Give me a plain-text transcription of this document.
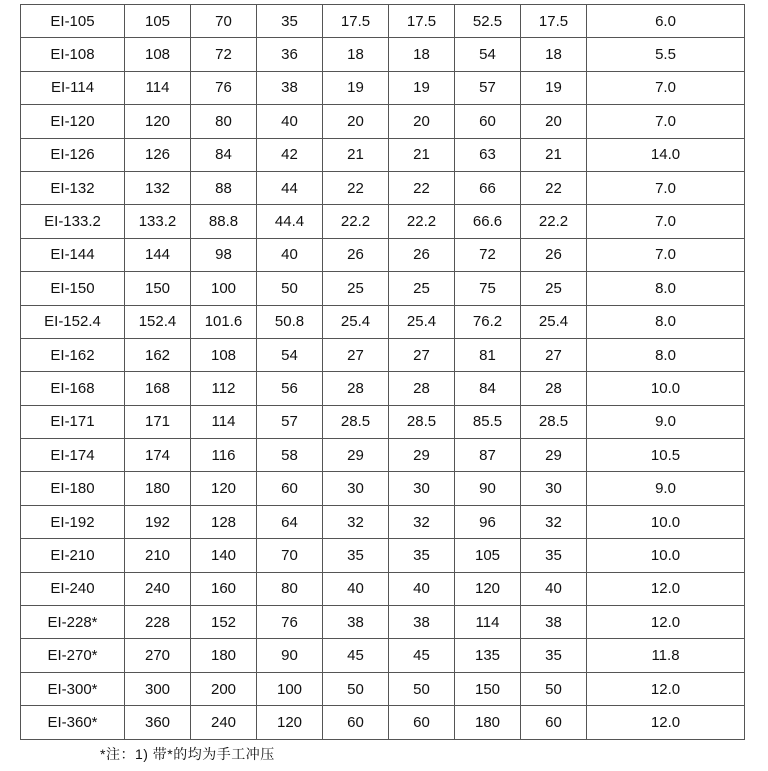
EI-105	105	70	35	17.5	17.5	52.5	17.5	6.0
EI-108	108	72	36	18	18	54	18	5.5
EI-114	114	76	38	19	19	57	19	7.0
EI-120	120	80	40	20	20	60	20	7.0
EI-126	126	84	42	21	21	63	21	14.0
EI-132	132	88	44	22	22	66	22	7.0
EI-133.2	133.2	88.8	44.4	22.2	22.2	66.6	22.2	7.0
EI-144	144	98	40	26	26	72	26	7.0
EI-150	150	100	50	25	25	75	25	8.0
EI-152.4	152.4	101.6	50.8	25.4	25.4	76.2	25.4	8.0
EI-162	162	108	54	27	27	81	27	8.0
EI-168	168	112	56	28	28	84	28	10.0
EI-171	171	114	57	28.5	28.5	85.5	28.5	9.0
EI-174	174	116	58	29	29	87	29	10.5
EI-180	180	120	60	30	30	90	30	9.0
EI-192	192	128	64	32	32	96	32	10.0
EI-210	210	140	70	35	35	105	35	10.0
EI-240	240	160	80	40	40	120	40	12.0
EI-228*	228	152	76	38	38	114	38	12.0
EI-270*	270	180	90	45	45	135	35	11.8
EI-300*	300	200	100	50	50	150	50	12.0
EI-360*	360	240	120	60	60	180	60	12.0
*注：1) 带*的均为手工冲压
